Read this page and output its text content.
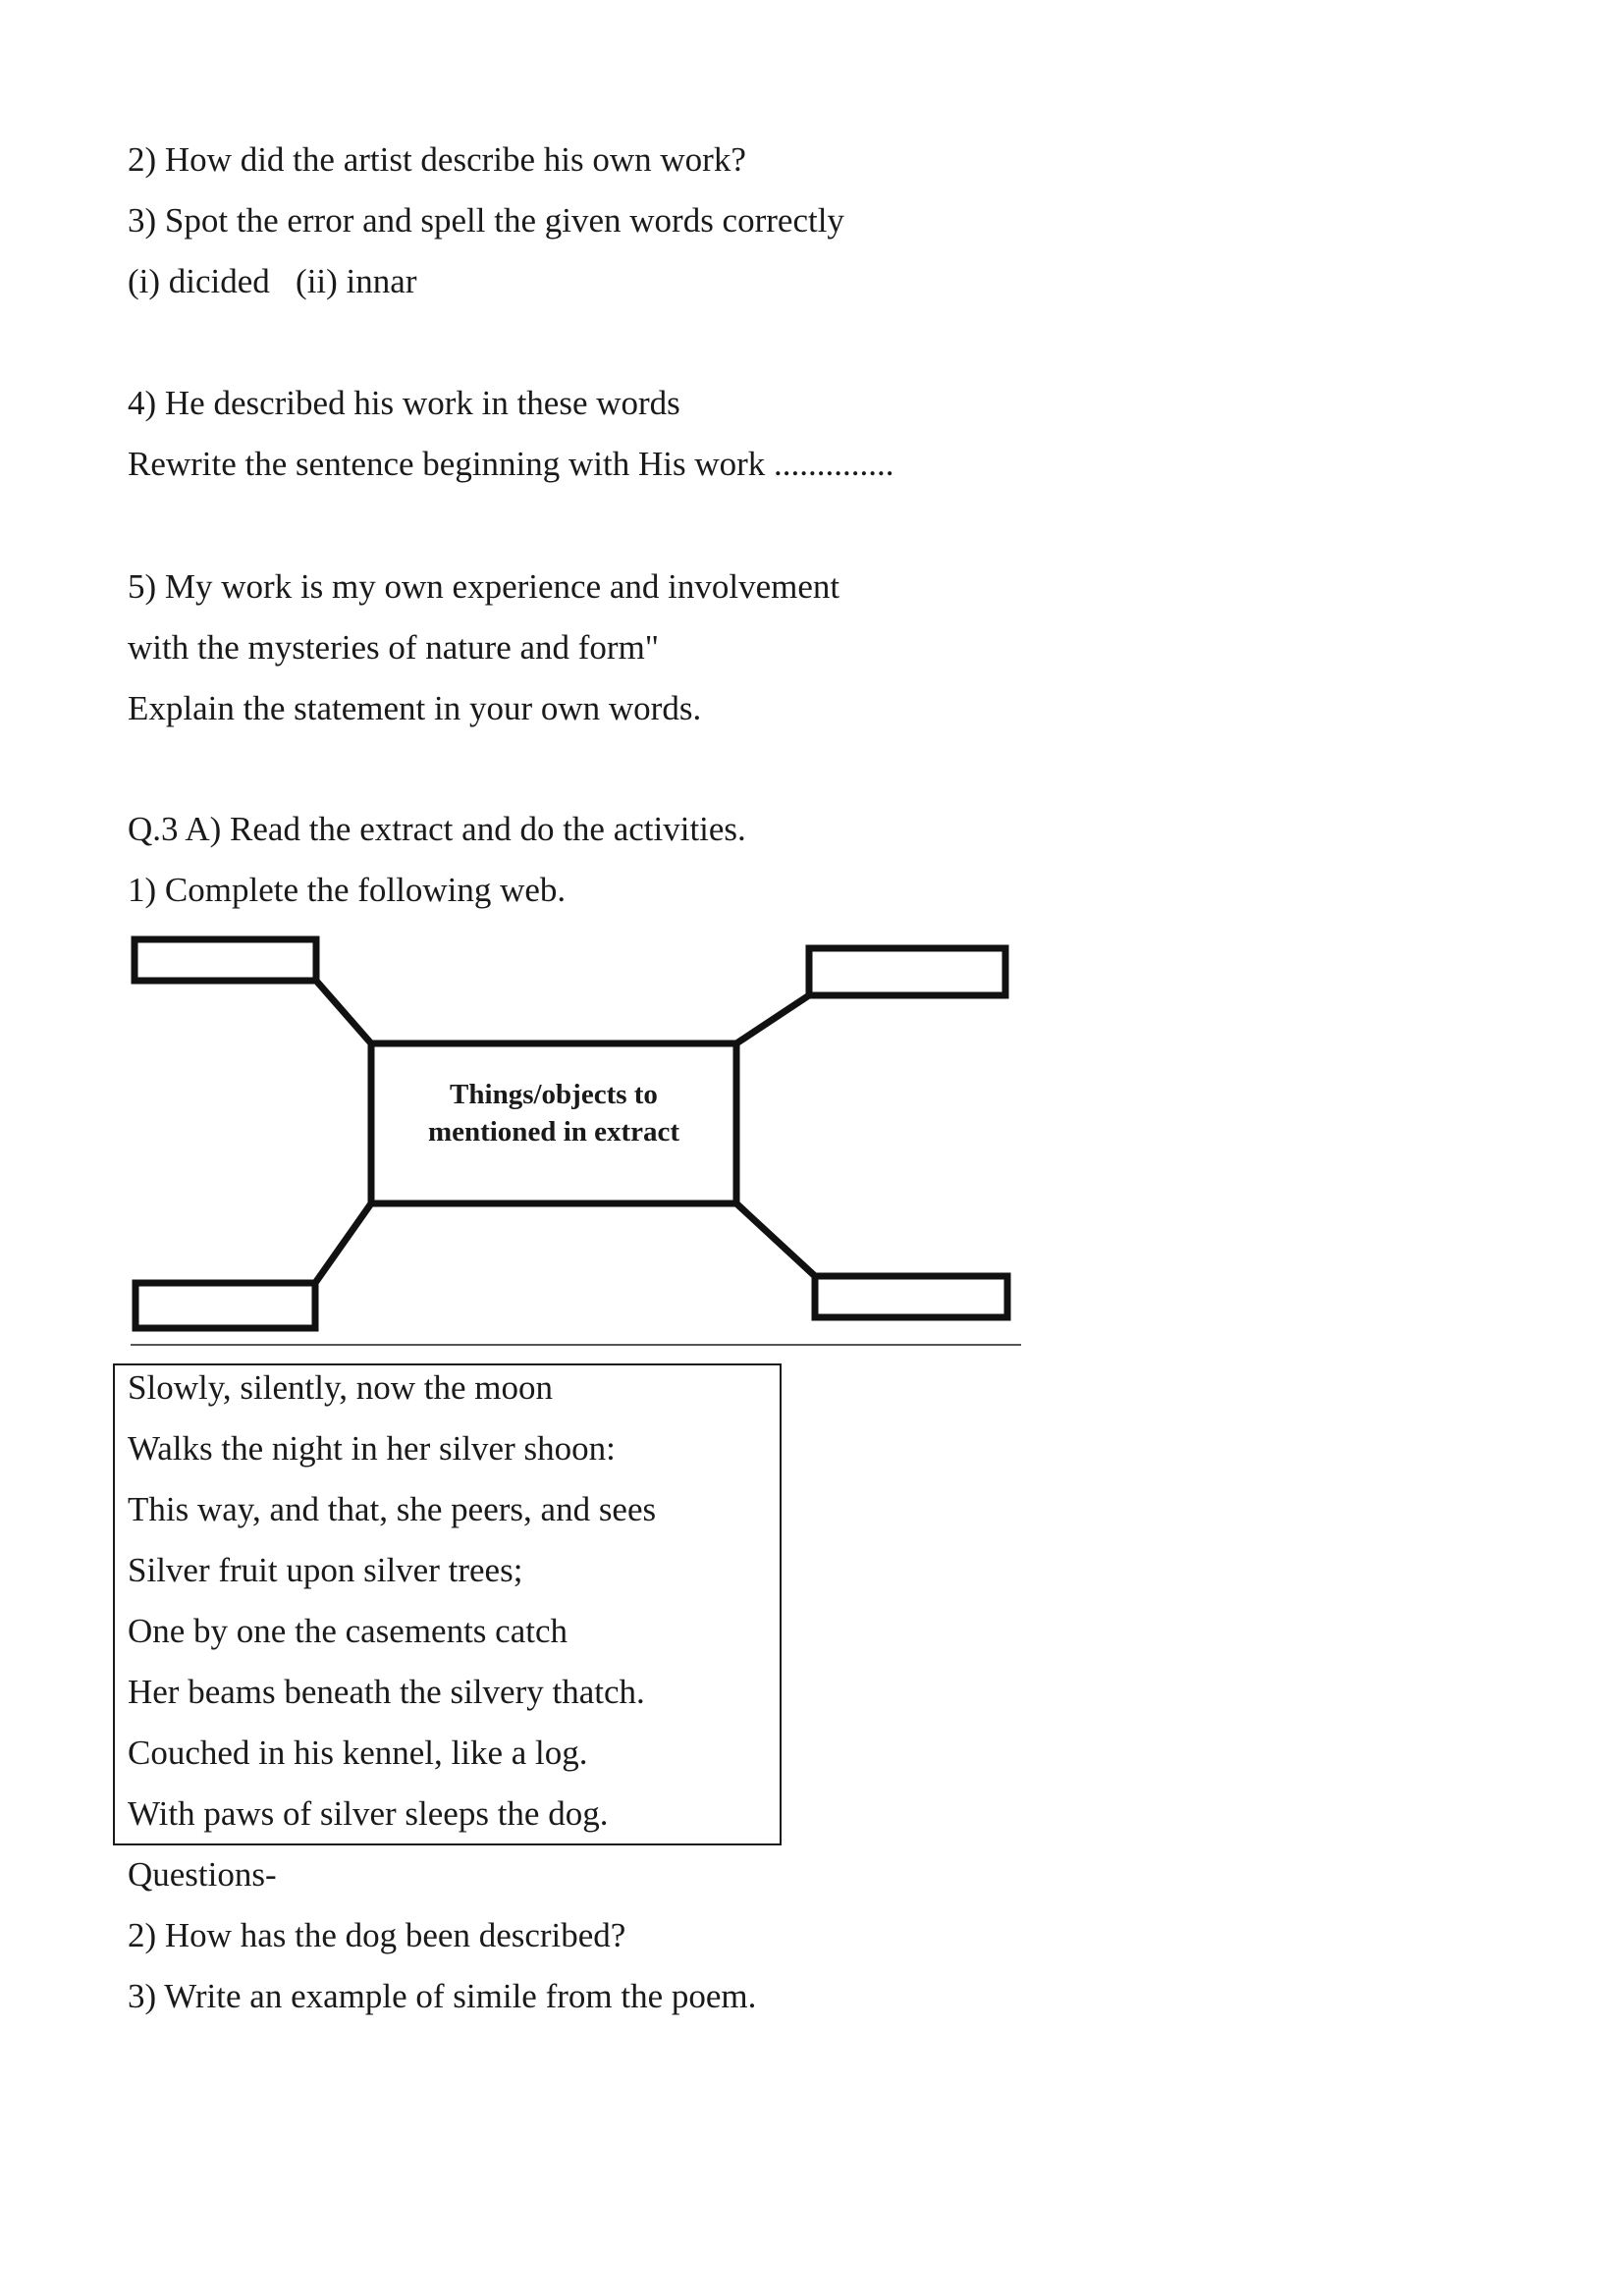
2) How did the artist describe his own work?
3) Spot the error and spell the given words correctly
(i) dicided   (ii) innar
4) He described his work in these words
Rewrite the sentence beginning with His work ..............
5) My work is my own experience and involvement
with the mysteries of nature and form"
Explain the statement in your own words.
Q.3 A) Read the extract and do the activities.
1) Complete the following web.
Things/objects to
mentioned in extract
Slowly, silently, now the moon
Walks the night in her silver shoon:
This way, and that, she peers, and sees
Silver fruit upon silver trees;
One by one the casements catch
Her beams beneath the silvery thatch.
Couched in his kennel, like a log.
With paws of silver sleeps the dog.
Questions-
2) How has the dog been described?
3) Write an example of simile from the poem.
